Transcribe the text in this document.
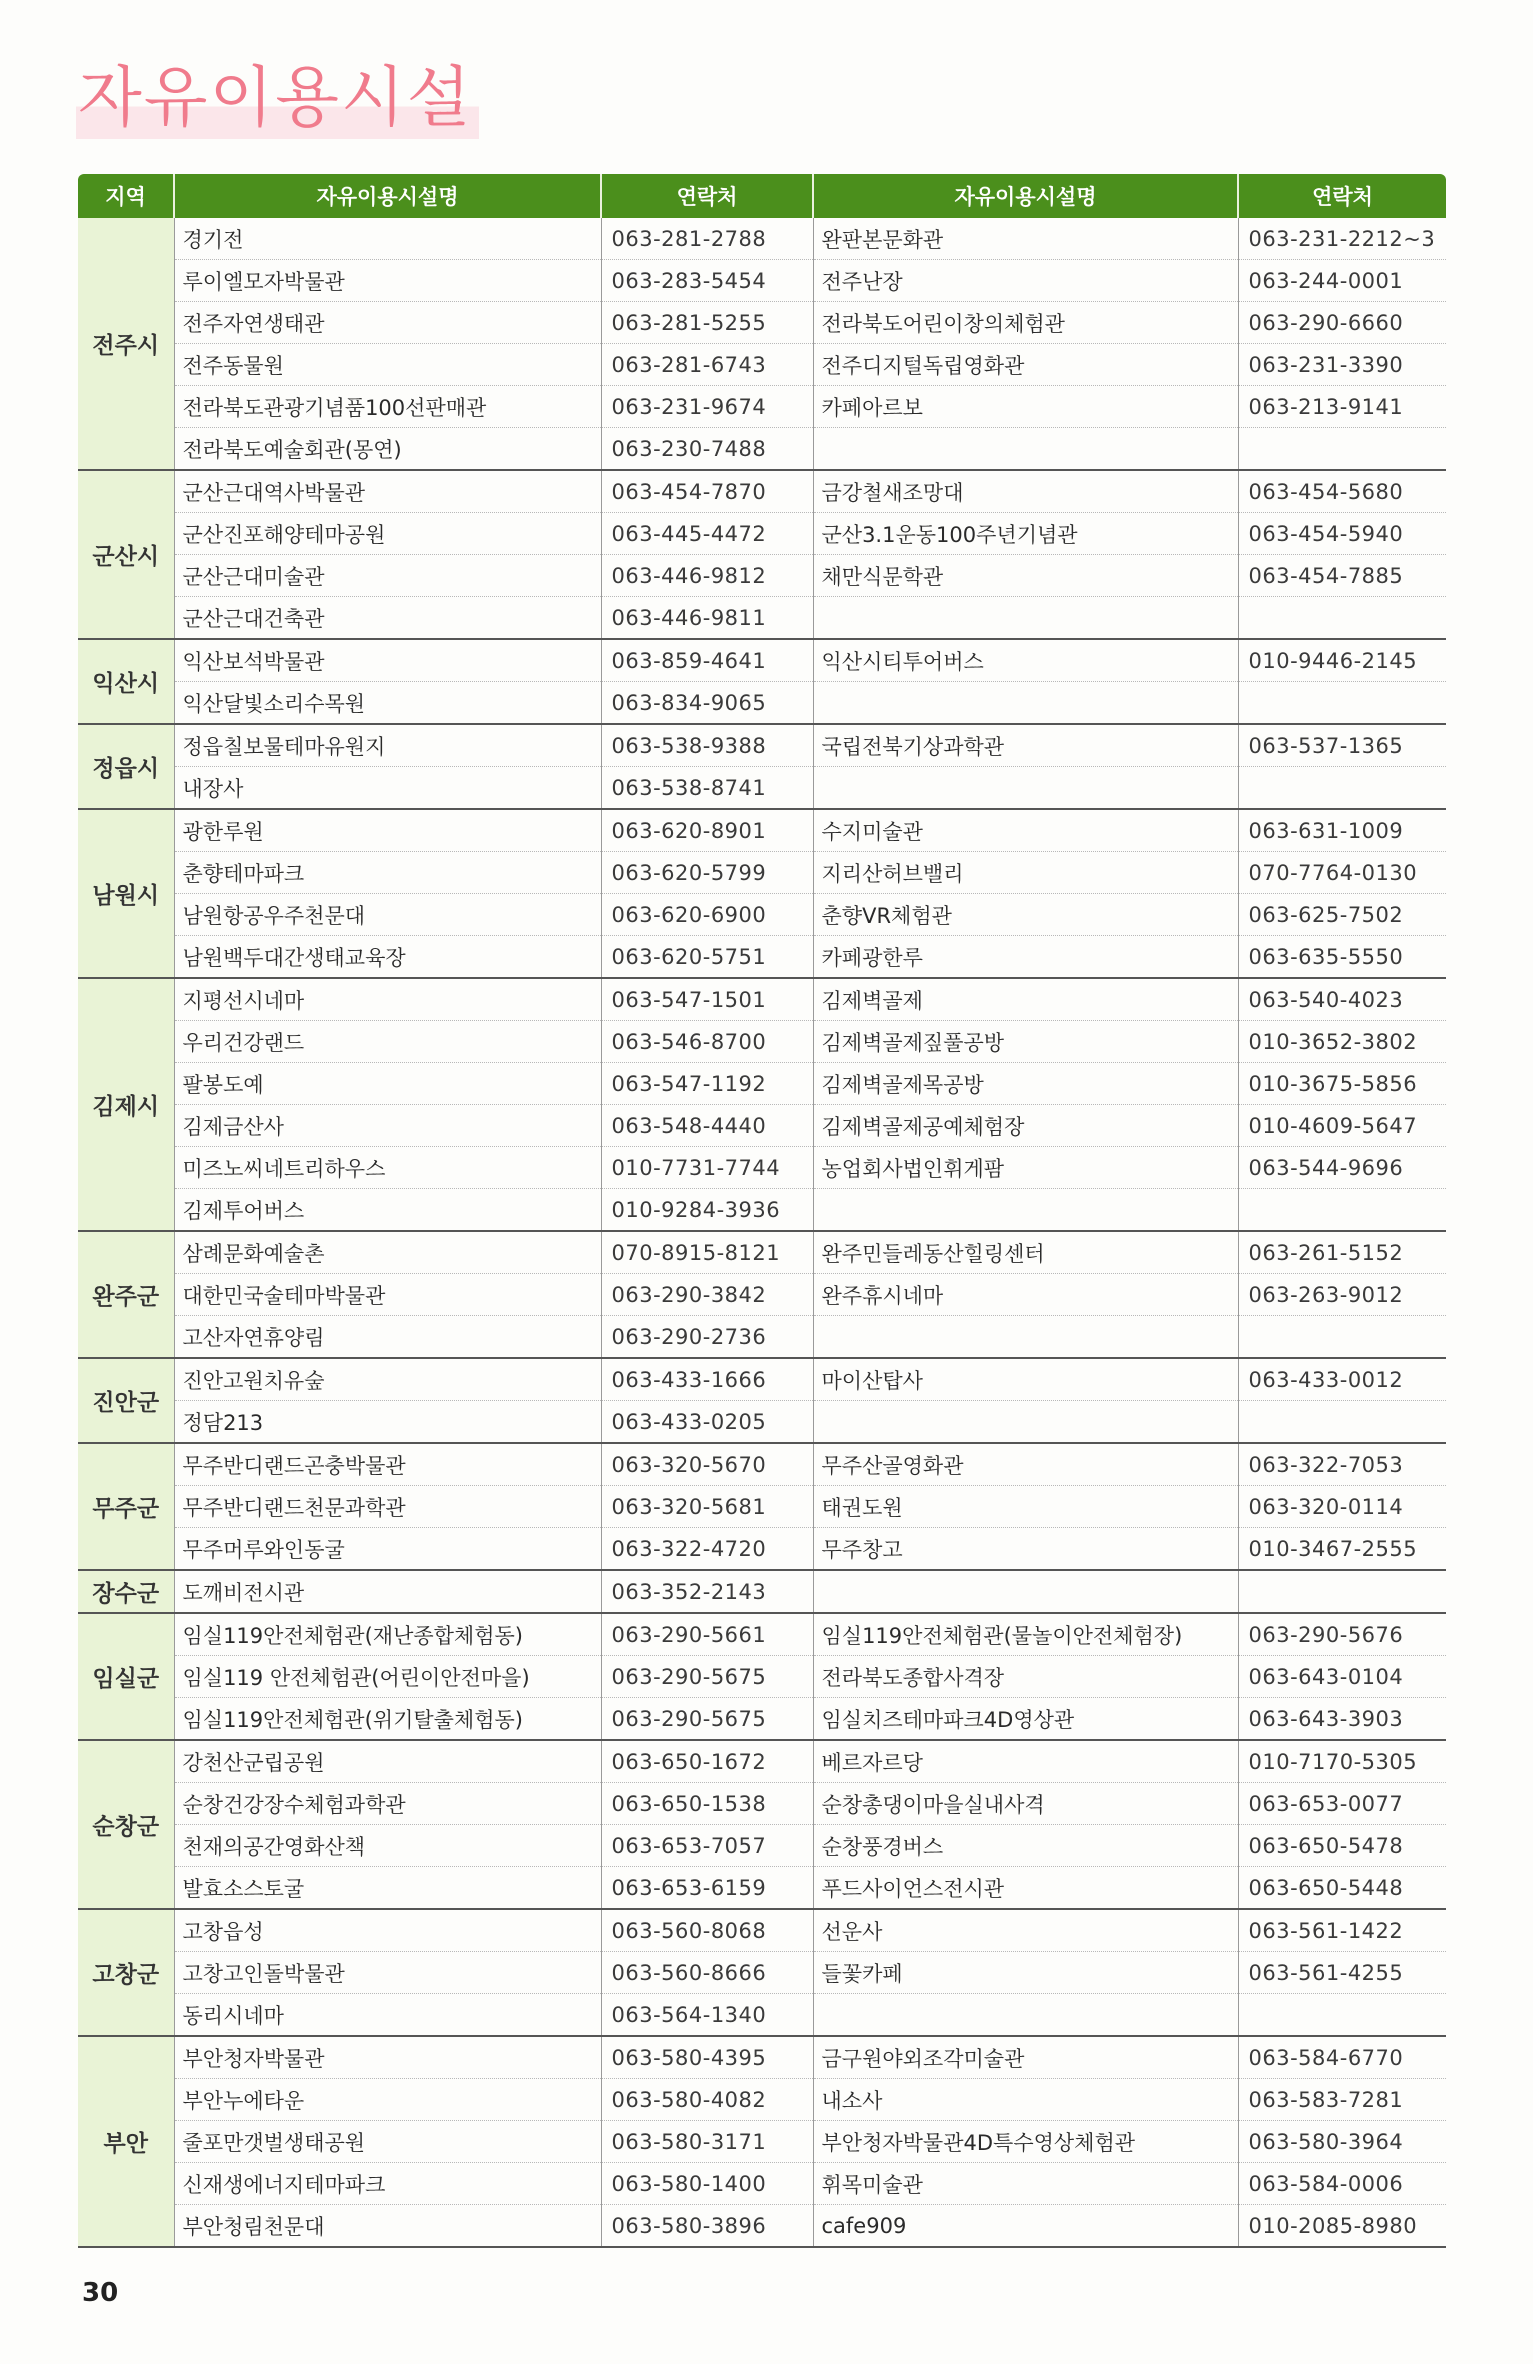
자유이용시설
지역	자유이용시설명	연락처	자유이용시설명	연락처
전주시	경기전	063-281-2788	완판본문화관	063-231-2212~3
	루이엘모자박물관	063-283-5454	전주난장	063-244-0001
	전주자연생태관	063-281-5255	전라북도어린이창의체험관	063-290-6660
	전주동물원	063-281-6743	전주디지털독립영화관	063-231-3390
	전라북도관광기념품100선판매관	063-231-9674	카페아르보	063-213-9141
	전라북도예술회관(몽연)	063-230-7488		
군산시	군산근대역사박물관	063-454-7870	금강철새조망대	063-454-5680
	군산진포해양테마공원	063-445-4472	군산3.1운동100주년기념관	063-454-5940
	군산근대미술관	063-446-9812	채만식문학관	063-454-7885
	군산근대건축관	063-446-9811		
익산시	익산보석박물관	063-859-4641	익산시티투어버스	010-9446-2145
	익산달빛소리수목원	063-834-9065		
정읍시	정읍칠보물테마유원지	063-538-9388	국립전북기상과학관	063-537-1365
	내장사	063-538-8741		
남원시	광한루원	063-620-8901	수지미술관	063-631-1009
	춘향테마파크	063-620-5799	지리산허브밸리	070-7764-0130
	남원항공우주천문대	063-620-6900	춘향VR체험관	063-625-7502
	남원백두대간생태교육장	063-620-5751	카페광한루	063-635-5550
김제시	지평선시네마	063-547-1501	김제벽골제	063-540-4023
	우리건강랜드	063-546-8700	김제벽골제짚풀공방	010-3652-3802
	팔봉도예	063-547-1192	김제벽골제목공방	010-3675-5856
	김제금산사	063-548-4440	김제벽골제공예체험장	010-4609-5647
	미즈노씨네트리하우스	010-7731-7744	농업회사법인휘게팜	063-544-9696
	김제투어버스	010-9284-3936		
완주군	삼례문화예술촌	070-8915-8121	완주민들레동산힐링센터	063-261-5152
	대한민국술테마박물관	063-290-3842	완주휴시네마	063-263-9012
	고산자연휴양림	063-290-2736		
진안군	진안고원치유숲	063-433-1666	마이산탑사	063-433-0012
	정담213	063-433-0205		
무주군	무주반디랜드곤충박물관	063-320-5670	무주산골영화관	063-322-7053
	무주반디랜드천문과학관	063-320-5681	태권도원	063-320-0114
	무주머루와인동굴	063-322-4720	무주창고	010-3467-2555
장수군	도깨비전시관	063-352-2143		
임실군	임실119안전체험관(재난종합체험동)	063-290-5661	임실119안전체험관(물놀이안전체험장)	063-290-5676
	임실119 안전체험관(어린이안전마을)	063-290-5675	전라북도종합사격장	063-643-0104
	임실119안전체험관(위기탈출체험동)	063-290-5675	임실치즈테마파크4D영상관	063-643-3903
순창군	강천산군립공원	063-650-1672	베르자르당	010-7170-5305
	순창건강장수체험과학관	063-650-1538	순창총댕이마을실내사격	063-653-0077
	천재의공간영화산책	063-653-7057	순창풍경버스	063-650-5478
	발효소스토굴	063-653-6159	푸드사이언스전시관	063-650-5448
고창군	고창읍성	063-560-8068	선운사	063-561-1422
	고창고인돌박물관	063-560-8666	들꽃카페	063-561-4255
	동리시네마	063-564-1340		
부안	부안청자박물관	063-580-4395	금구원야외조각미술관	063-584-6770
	부안누에타운	063-580-4082	내소사	063-583-7281
	줄포만갯벌생태공원	063-580-3171	부안청자박물관4D특수영상체험관	063-580-3964
	신재생에너지테마파크	063-580-1400	휘목미술관	063-584-0006
	부안청림천문대	063-580-3896	cafe909	010-2085-8980
30
